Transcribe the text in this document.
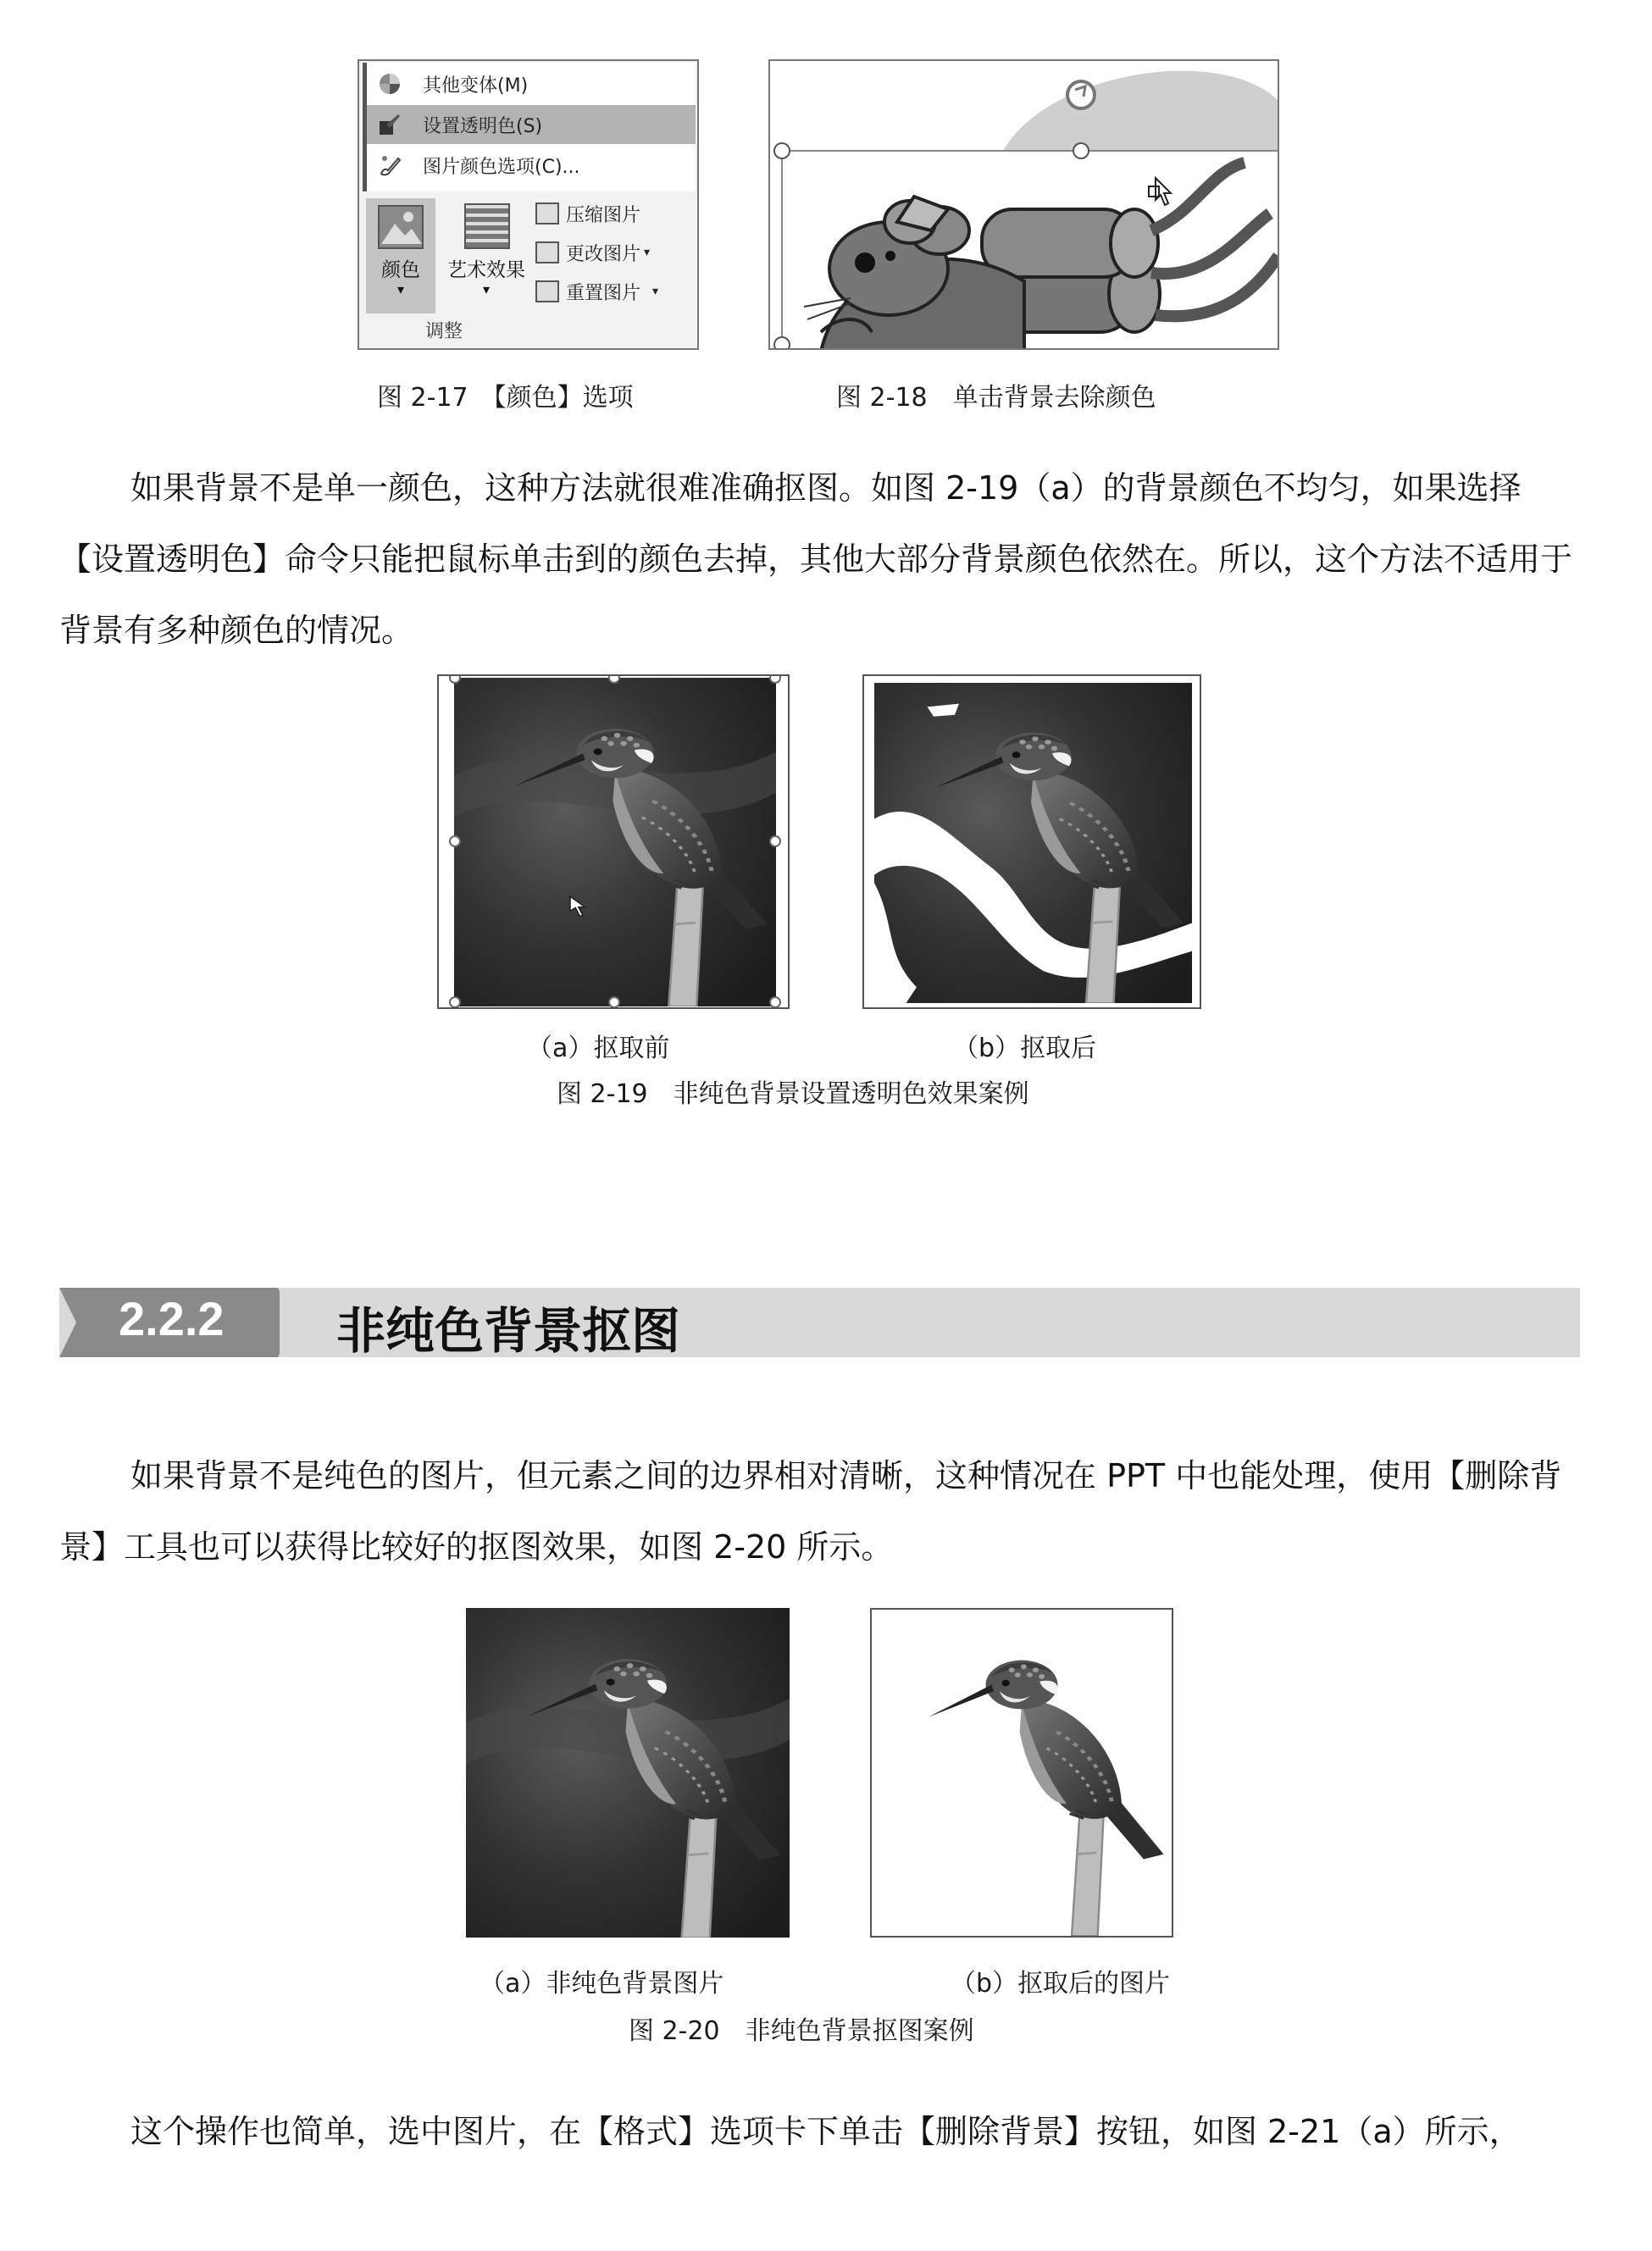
其他变体(M)
设置透明色(S)
图片颜色选项(C)...
颜色
▾
艺术效果
▾
压缩图片
更改图片 ▾
重置图片 ▾
调整
图 2-17　【颜色】选项	图 2-18　单击背景去除颜色

如果背景不是单一颜色，这种方法就很难准确抠图。如图 2-19（a）的背景颜色不均匀，如果选择【设置透明色】命令只能把鼠标单击到的颜色去掉，其他大部分背景颜色依然在。所以，这个方法不适用于背景有多种颜色的情况。

（a）抠取前	（b）抠取后
图 2-19　非纯色背景设置透明色效果案例
2.2.2 非纯色背景抠图

如果背景不是纯色的图片，但元素之间的边界相对清晰，这种情况在 PPT 中也能处理，使用【删除背景】工具也可以获得比较好的抠图效果，如图 2-20 所示。

（a）非纯色背景图片	（b）抠取后的图片
图 2-20　非纯色背景抠图案例

这个操作也简单，选中图片，在【格式】选项卡下单击【删除背景】按钮，如图 2-21（a）所示，
